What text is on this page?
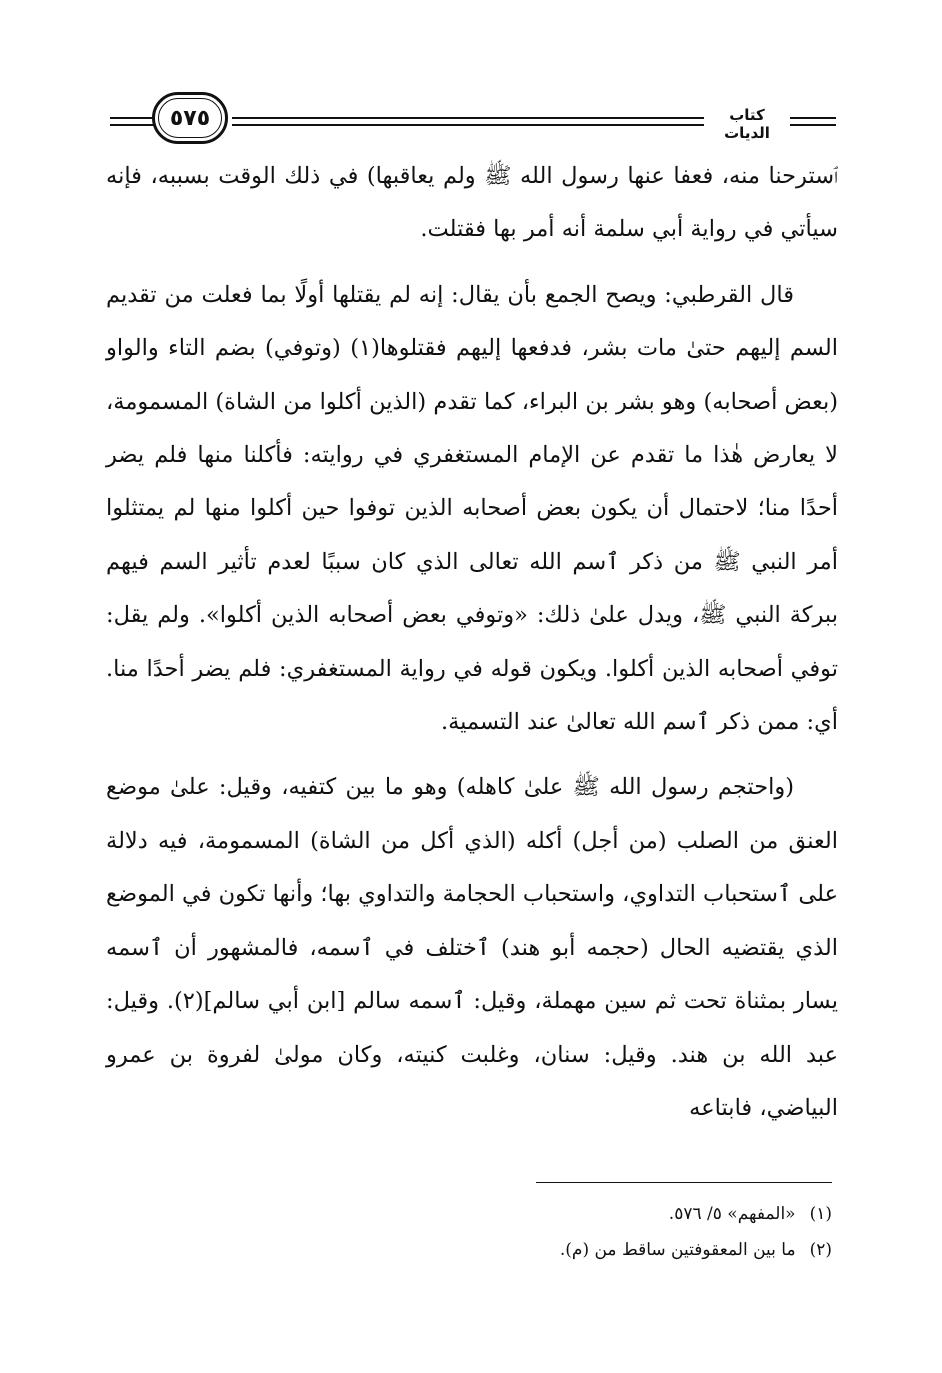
٥٧٥	كتاب الديات

ٱسترحنا منه، فعفا عنها رسول الله ﷺ ولم يعاقبها) في ذلك الوقت بسببه، فإنه سيأتي في رواية أبي سلمة أنه أمر بها فقتلت.

قال القرطبي: ويصح الجمع بأن يقال: إنه لم يقتلها أولًا بما فعلت من تقديم السم إليهم حتىٰ مات بشر، فدفعها إليهم فقتلوها(١) (وتوفي) بضم التاء والواو (بعض أصحابه) وهو بشر بن البراء، كما تقدم (الذين أكلوا من الشاة) المسمومة، لا يعارض هٰذا ما تقدم عن الإمام المستغفري في روايته: فأكلنا منها فلم يضر أحدًا منا؛ لاحتمال أن يكون بعض أصحابه الذين توفوا حين أكلوا منها لم يمتثلوا أمر النبي ﷺ من ذكر ٱسم الله تعالى الذي كان سببًا لعدم تأثير السم فيهم ببركة النبي ﷺ، ويدل علىٰ ذلك: «وتوفي بعض أصحابه الذين أكلوا». ولم يقل: توفي أصحابه الذين أكلوا. ويكون قوله في رواية المستغفري: فلم يضر أحدًا منا. أي: ممن ذكر ٱسم الله تعالىٰ عند التسمية.

(واحتجم رسول الله ﷺ علىٰ كاهله) وهو ما بين كتفيه، وقيل: علىٰ موضع العنق من الصلب (من أجل) أكله (الذي أكل من الشاة) المسمومة، فيه دلالة على ٱستحباب التداوي، واستحباب الحجامة والتداوي بها؛ وأنها تكون في الموضع الذي يقتضيه الحال (حجمه أبو هند) ٱختلف في ٱسمه، فالمشهور أن ٱسمه يسار بمثناة تحت ثم سين مهملة، وقيل: ٱسمه سالم [ابن أبي سالم](٢). وقيل: عبد الله بن هند. وقيل: سنان، وغلبت كنيته، وكان مولىٰ لفروة بن عمرو البياضي، فابتاعه

(١)«المفهم» ٥/ ٥٧٦.

(٢)ما بين المعقوفتين ساقط من (م).
